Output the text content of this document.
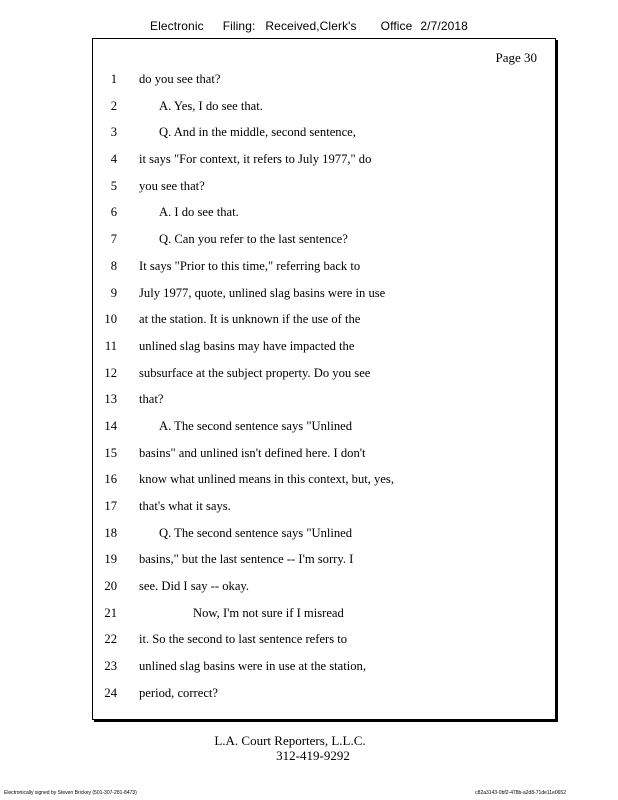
Electronic Filing: Received,Clerk's Office 2/7/2018
Page 30
1 do you see that?
2	A. Yes, I do see that.
3	Q. And in the middle, second sentence,
4 it says "For context, it refers to July 1977," do
5 you see that?
6	A. I do see that.
7	Q. Can you refer to the last sentence?
8 It says "Prior to this time," referring back to
9 July 1977, quote, unlined slag basins were in use
10 at the station. It is unknown if the use of the
11 unlined slag basins may have impacted the
12 subsurface at the subject property. Do you see
13 that?
14	A. The second sentence says "Unlined
15 basins" and unlined isn't defined here. I don't
16 know what unlined means in this context, but, yes,
17 that's what it says.
18	Q. The second sentence says "Unlined
19 basins," but the last sentence -- I'm sorry. I
20 see. Did I say -- okay.
21	Now, I'm not sure if I misread
22 it. So the second to last sentence refers to
23 unlined slag basins were in use at the station,
24 period, correct?
L.A. Court Reporters, L.L.C.
312-419-9292
Electronically signed by Steven Brickey (501-307-281-8473)	c82a3143-0bf2-478b-a2d8-71de11e0652
